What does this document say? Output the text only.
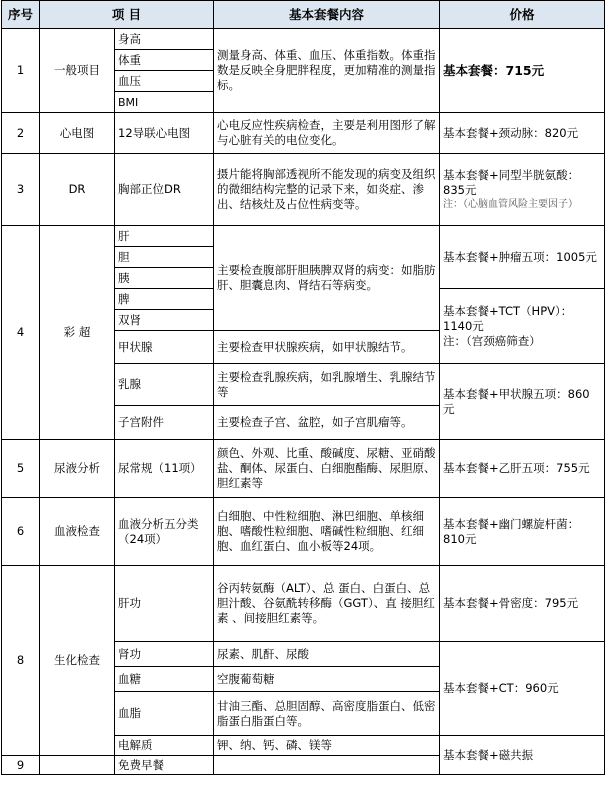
序号	项 目		基本套餐内容	价格
1	一般项目	身高	测量身高、体重、血压、体重指数。体重指数是反映全身肥胖程度，更加精准的测量指标。	基本套餐：715元
		体重		
		血压		
		BMI		
2	心电图	12导联心电图	心电反应性疾病检查，主要是利用图形了解与心脏有关的电位变化。	基本套餐+颈动脉：820元
3	DR	胸部正位DR	摄片能将胸部透视所不能发现的病变及组织的微细结构完整的记录下来，如炎症、渗出、结核灶及占位性病变等。	基本套餐+同型半胱氨酸：835元
注：（心脑血管风险主要因子）

4	彩 超	肝	主要检查腹部肝胆胰脾双肾的病变：如脂肪肝、胆囊息肉、肾结石等病变。	基本套餐+肿瘤五项：1005元
		胆		
		胰		
		脾		基本套餐+TCT（HPV）：1140元
注：（宫颈癌筛查）
		双肾		
		甲状腺	主要检查甲状腺疾病，如甲状腺结节。	
		乳腺	主要检查乳腺疾病，如乳腺增生、乳腺结节等	基本套餐+甲状腺五项：860元
		子宫附件	主要检查子宫、盆腔，如子宫肌瘤等。	
5	尿液分析	尿常规（11项）	颜色、外观、比重、酸碱度、尿糖、亚硝酸盐、酮体、尿蛋白、白细胞酯酶、尿胆原、胆红素等	基本套餐+乙肝五项：755元
6	血液检查	血液分析五分类（24项）	白细胞、中性粒细胞、淋巴细胞、单核细胞、嗜酸性粒细胞、嗜碱性粒细胞、红细胞、血红蛋白、血小板等24项。	基本套餐+幽门螺旋杆菌：810元
8	生化检查	肝功	谷丙转氨酶（ALT）、总 蛋白、白蛋白、总胆汁酸、谷氨酰转移酶（GGT）、直 接胆红素 、间接胆红素等。	基本套餐+骨密度：795元
		肾功	尿素、肌酐、尿酸	基本套餐+CT：960元
		血糖	空腹葡萄糖	
		血脂	甘油三酯、总胆固醇、高密度脂蛋白、低密脂蛋白脂蛋白等。	
		电解质	钾、纳、钙、磷、镁等	基本套餐+磁共振
9		免费早餐		
